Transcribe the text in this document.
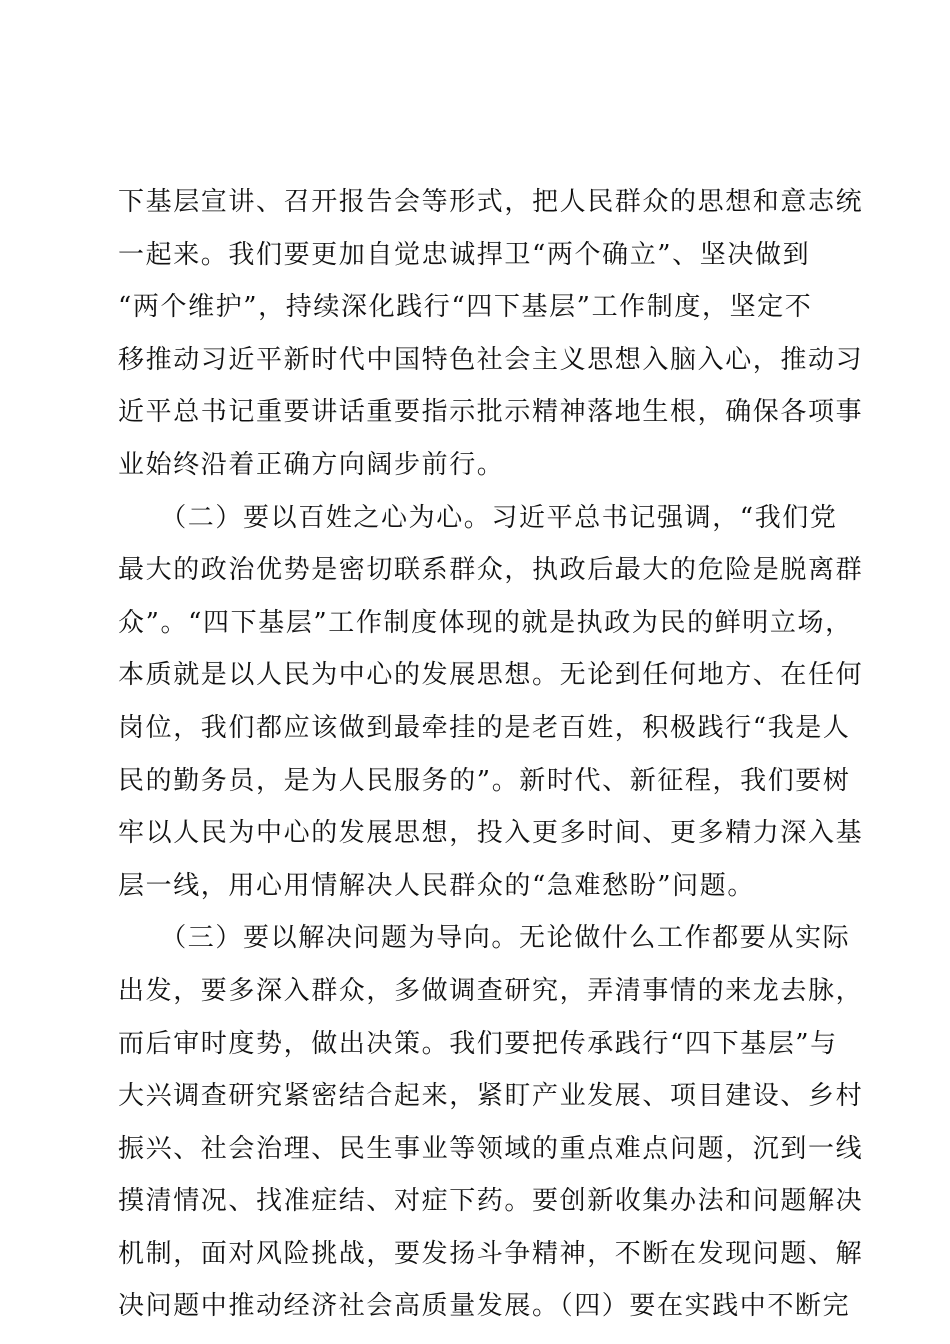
下基层宣讲、召开报告会等形式，把人民群众的思想和意志统
一起来。我们要更加自觉忠诚捍卫“两个确立”、坚决做到
“两个维护”，持续深化践行“四下基层”工作制度，坚定不
移推动习近平新时代中国特色社会主义思想入脑入心，推动习
近平总书记重要讲话重要指示批示精神落地生根，确保各项事
业始终沿着正确方向阔步前行。
　　（二）要以百姓之心为心。习近平总书记强调，“我们党
最大的政治优势是密切联系群众，执政后最大的危险是脱离群
众”。“四下基层”工作制度体现的就是执政为民的鲜明立场，
本质就是以人民为中心的发展思想。无论到任何地方、在任何
岗位，我们都应该做到最牵挂的是老百姓，积极践行“我是人
民的勤务员，是为人民服务的”。新时代、新征程，我们要树
牢以人民为中心的发展思想，投入更多时间、更多精力深入基
层一线，用心用情解决人民群众的“急难愁盼”问题。
　　（三）要以解决问题为导向。无论做什么工作都要从实际
出发，要多深入群众，多做调查研究，弄清事情的来龙去脉，
而后审时度势，做出决策。我们要把传承践行“四下基层”与
大兴调查研究紧密结合起来，紧盯产业发展、项目建设、乡村
振兴、社会治理、民生事业等领域的重点难点问题，沉到一线
摸清情况、找准症结、对症下药。要创新收集办法和问题解决
机制，面对风险挑战，要发扬斗争精神，不断在发现问题、解
决问题中推动经济社会高质量发展。（四）要在实践中不断完
